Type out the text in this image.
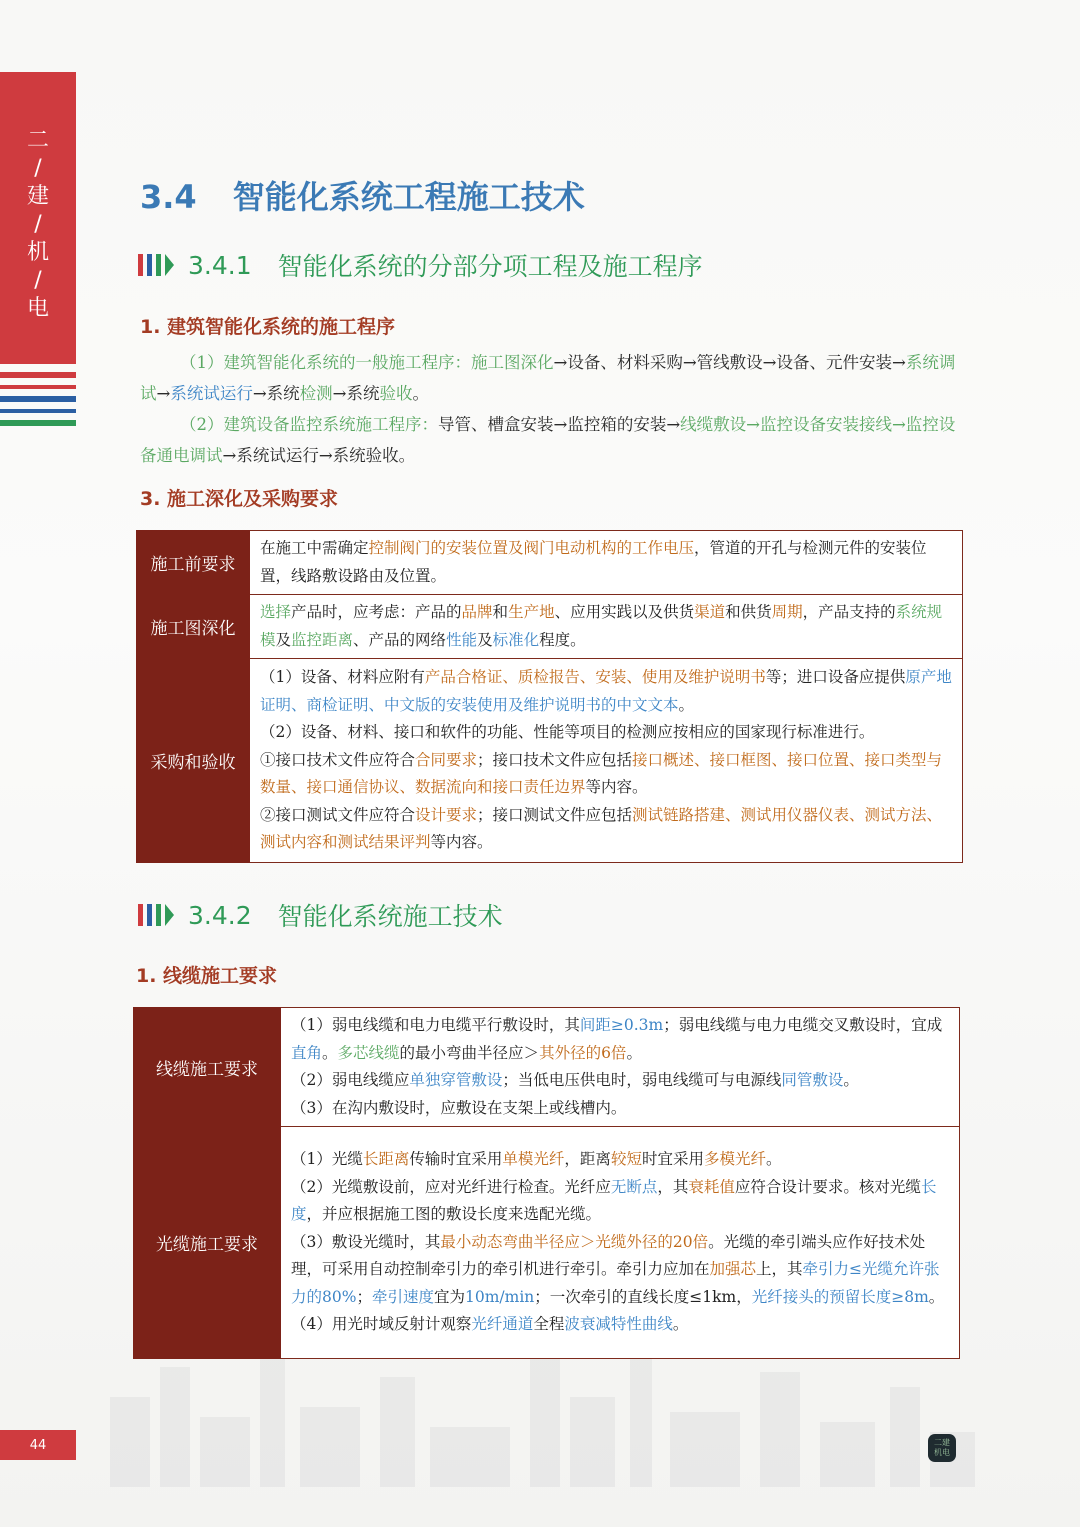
二
/
建
/
机
/
电
3.4 智能化系统工程施工技术
3.4.1 智能化系统的分部分项工程及施工程序
1. 建筑智能化系统的施工程序
（1）建筑智能化系统的一般施工程序：施工图深化→设备、材料采购→管线敷设→设备、元件安装→系统调试→系统试运行→系统检测→系统验收。
（2）建筑设备监控系统施工程序：导管、槽盒安装→监控箱的安装→线缆敷设→监控设备安装接线→监控设备通电调试→系统试运行→系统验收。
3. 施工深化及采购要求
施工前要求	在施工中需确定控制阀门的安装位置及阀门电动机构的工作电压，管道的开孔与检测元件的安装位置，线路敷设路由及位置。

施工图深化	选择产品时，应考虑：产品的品牌和生产地、应用实践以及供货渠道和供货周期，产品支持的系统规模及监控距离、产品的网络性能及标准化程度。

采购和验收	（1）设备、材料应附有产品合格证、质检报告、安装、使用及维护说明书等；进口设备应提供原产地证明、商检证明、中文版的安装使用及维护说明书的中文文本。
（2）设备、材料、接口和软件的功能、性能等项目的检测应按相应的国家现行标准进行。
①接口技术文件应符合合同要求；接口技术文件应包括接口概述、接口框图、接口位置、接口类型与数量、接口通信协议、数据流向和接口责任边界等内容。
②接口测试文件应符合设计要求；接口测试文件应包括测试链路搭建、测试用仪器仪表、测试方法、测试内容和测试结果评判等内容。
3.4.2 智能化系统施工技术
1. 线缆施工要求
线缆施工要求	（1）弱电线缆和电力电缆平行敷设时，其间距≥0.3m；弱电线缆与电力电缆交叉敷设时，宜成直角。多芯线缆的最小弯曲半径应＞其外径的6倍。
（2）弱电线缆应单独穿管敷设；当低电压供电时，弱电线缆可与电源线同管敷设。
（3）在沟内敷设时，应敷设在支架上或线槽内。

光缆施工要求	（1）光缆长距离传输时宜采用单模光纤，距离较短时宜采用多模光纤。
（2）光缆敷设前，应对光纤进行检查。光纤应无断点，其衰耗值应符合设计要求。核对光缆长度，并应根据施工图的敷设长度来选配光缆。
（3）敷设光缆时，其最小动态弯曲半径应＞光缆外径的20倍。光缆的牵引端头应作好技术处理，可采用自动控制牵引力的牵引机进行牵引。牵引力应加在加强芯上，其牵引力≤光缆允许张力的80%；牵引速度宜为10m/min；一次牵引的直线长度≤1km，光纤接头的预留长度≥8m。
（4）用光时域反射计观察光纤通道全程波衰减特性曲线。
44	二建
机电
